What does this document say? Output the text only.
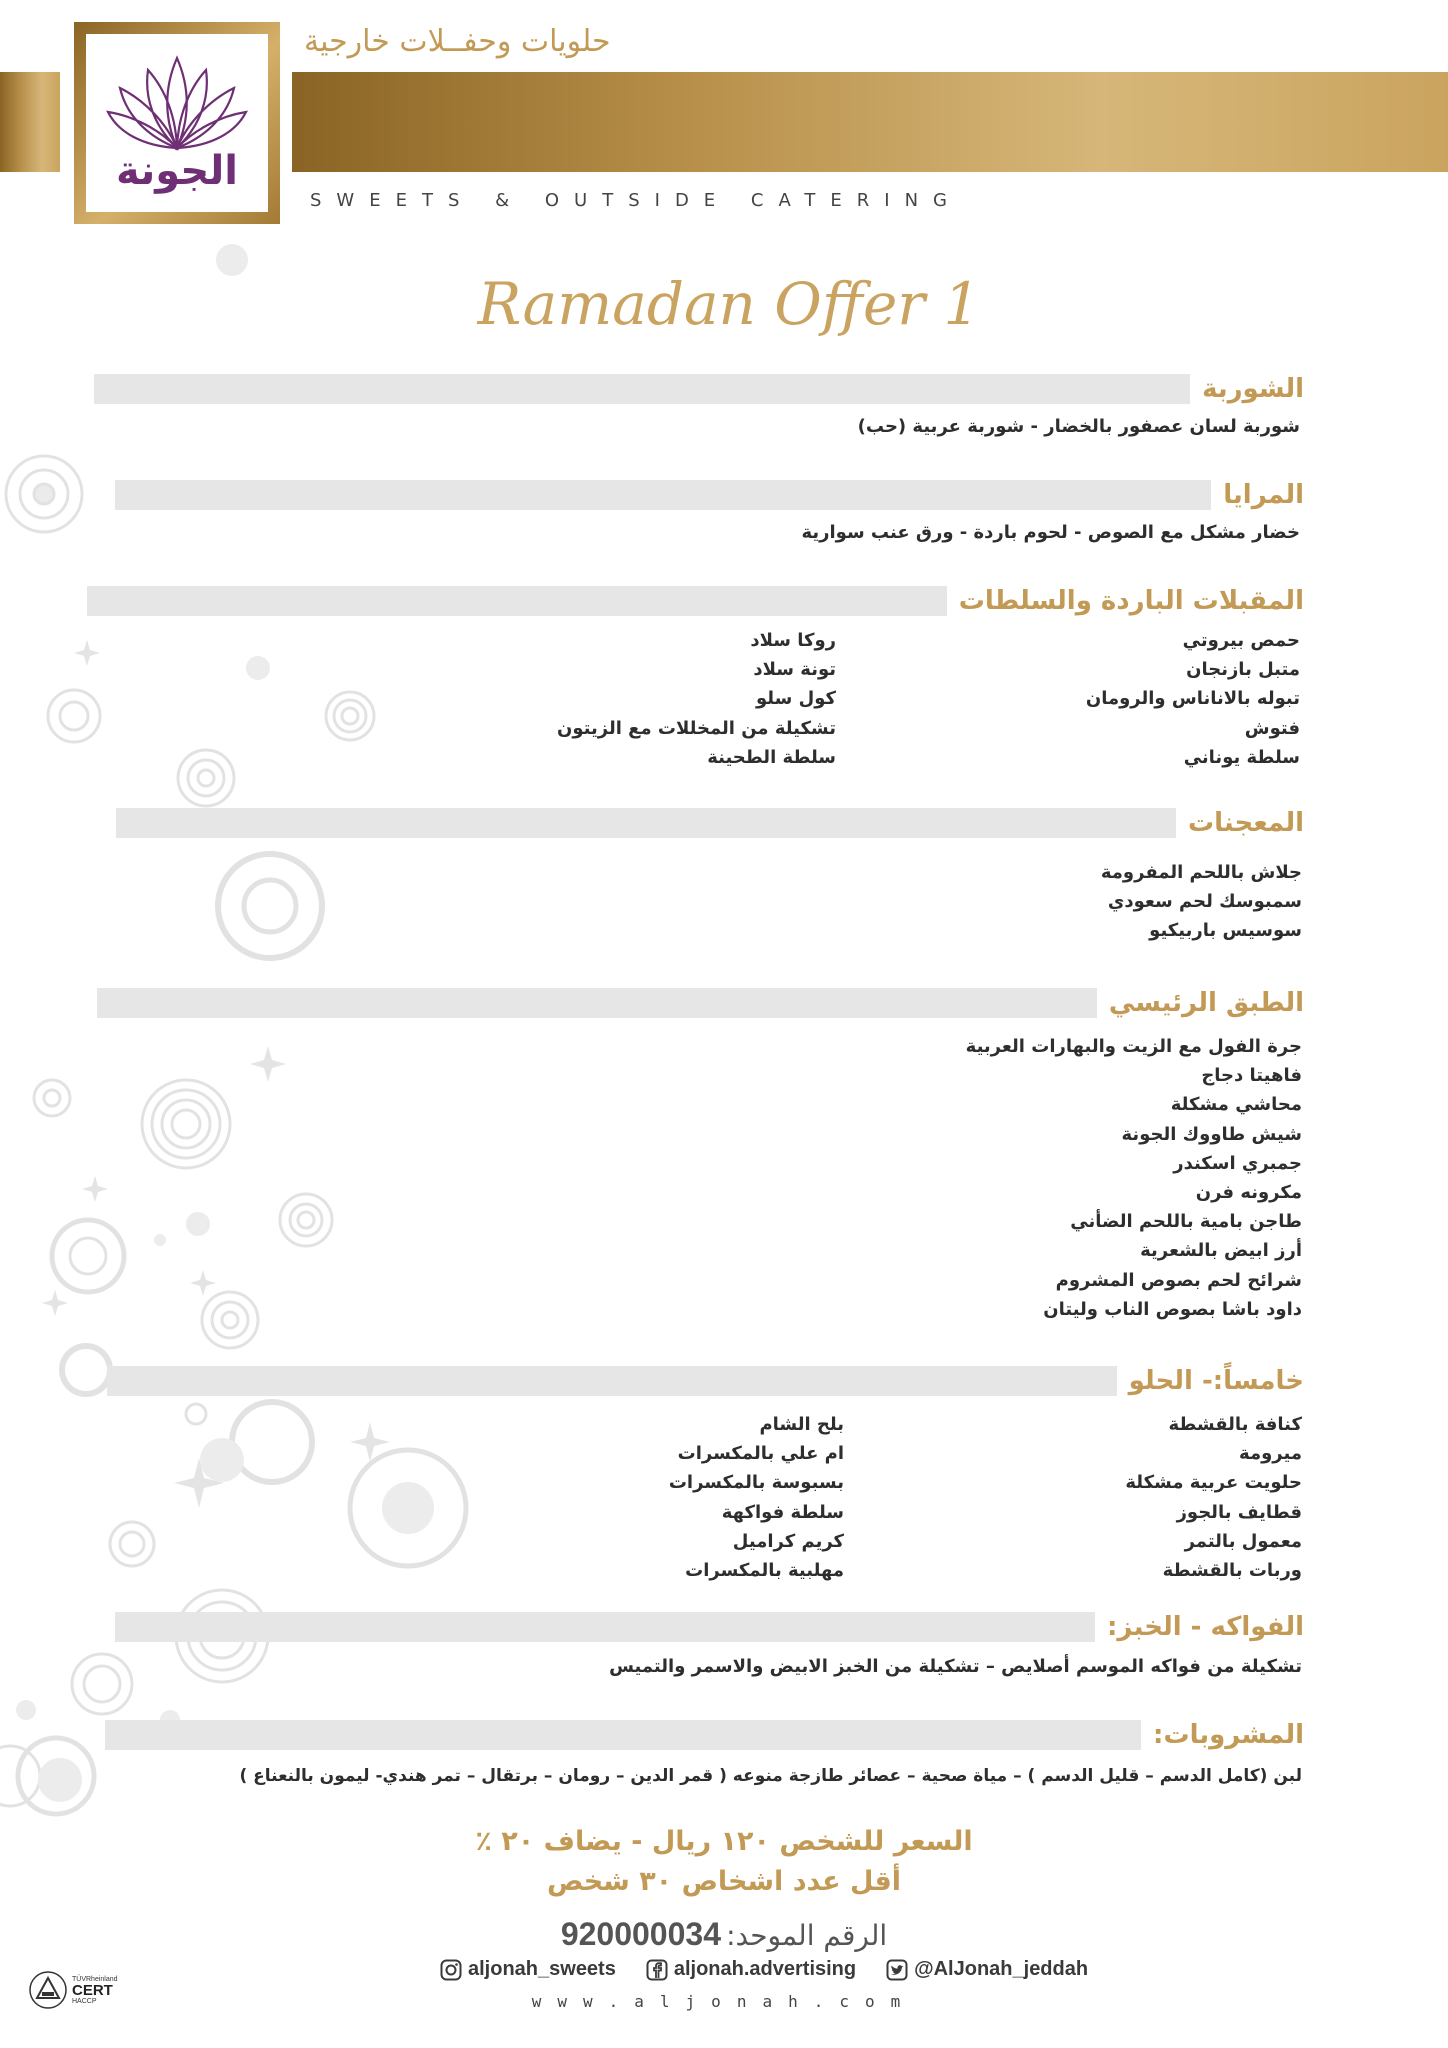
الجونة
حلويات وحفــلات خارجية
SWEETS & OUTSIDE CATERING
Ramadan Offer 1
الشوربة
شوربة لسان عصفور بالخضار - شوربة عربية (حب)
المرايا
خضار مشكل مع الصوص - لحوم باردة - ورق عنب سوارية
المقبلات الباردة والسلطات
حمص بيروتي
متبل بازنجان
تبوله بالاناناس والرومان
فتوش
سلطة يوناني
روكا سلاد
تونة سلاد
كول سلو
تشكيلة من المخللات مع الزيتون
سلطة الطحينة
المعجنات
جلاش باللحم المفرومة
سمبوسك لحم سعودي
سوسيس باربيكيو
الطبق الرئيسي
جرة الفول مع الزيت والبهارات العربية
فاهيتا دجاج
محاشي مشكلة
شيش طاووك الجونة
جمبري اسكندر
مكرونه فرن
طاجن بامية باللحم الضأني
أرز ابيض بالشعرية
شرائح لحم بصوص المشروم
داود باشا بصوص الناب وليتان
خامساً:- الحلو
كنافة بالقشطة
ميرومة
حلويت عربية مشكلة
قطايف بالجوز
معمول بالتمر
وربات بالقشطة
بلح الشام
ام علي بالمكسرات
بسبوسة بالمكسرات
سلطة فواكهة
كريم كراميل
مهلبية بالمكسرات
الفواكه - الخبز:
تشكيلة من فواكه الموسم أصلايص – تشكيلة من الخبز الابيض والاسمر والتميس
المشروبات:
لبن (كامل الدسم – قليل الدسم ) – مياة صحية – عصائر طازجة منوعه ( قمر الدين – رومان – برتقال – تمر هندي- ليمون بالنعناع )
السعر للشخص ١٢٠ ريال - يضاف ٢٠ ٪
أقل عدد اشخاص ٣٠ شخص
الرقم الموحد: 920000034
aljonah_sweets	aljonah.advertising	@AlJonah_jeddah
www.aljonah.com
TÜVRheinland
CERT
HACCP
